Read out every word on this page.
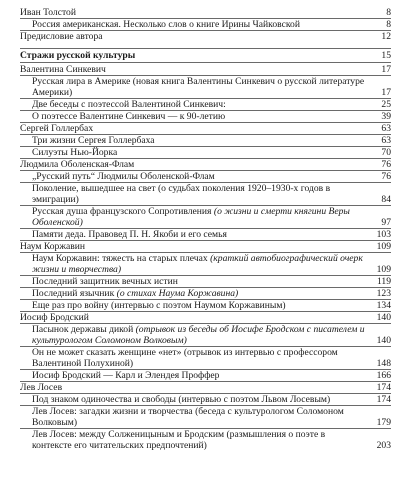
Иван Толстой	8
Россия американская. Несколько слов о книге Ирины Чайковской	8
Предисловие автора	12
Стражи русской культуры	15
Валентина Синкевич	17
Русская лира в Америке (новая книга Валентины Синкевич о русской литературе Америки)	17
Две беседы с поэтессой Валентиной Синкевич:	25
О поэтессе Валентине Синкевич — к 90-летию	39
Сергей Голлербах	63
Три жизни Сергея Голлербаха	63
Силуэты Нью-Йорка	70
Людмила Оболенская-Флам	76
„Русский путь“ Людмилы Оболенской-Флам	76
Поколение, вышедшее на свет (о судьбах поколения 1920–1930-х годов в эмиграции)	84
Русская душа французского Сопротивления (о жизни и смерти княгини Веры Оболенской)	97
Памяти деда. Правовед П. Н. Якоби и его семья	103
Наум Коржавин	109
Наум Коржавин: тяжесть на старых плечах (краткий автобиографический очерк жизни и творчества)	109
Последний защитник вечных истин	119
Последний язычник (о стихах Наума Коржавина)	123
Еще раз про войну (интервью с поэтом Наумом Коржавиным)	134
Иосиф Бродский	140
Пасынок державы дикой (отрывок из беседы об Иосифе Бродском с писателем и культурологом Соломоном Волковым)	140
Он не может сказать женщине «нет» (отрывок из интервью с профессором Валентиной Полухиной)	148
Иосиф Бродский — Карл и Элендея Проффер	166
Лев Лосев	174
Под знаком одиночества и свободы (интервью с поэтом Львом Лосевым)	174
Лев Лосев: загадки жизни и творчества (беседа с культурологом Соломоном Волковым)	179
Лев Лосев: между Солженицыным и Бродским (размышления о поэте в контексте его читательских предпочтений)	203
